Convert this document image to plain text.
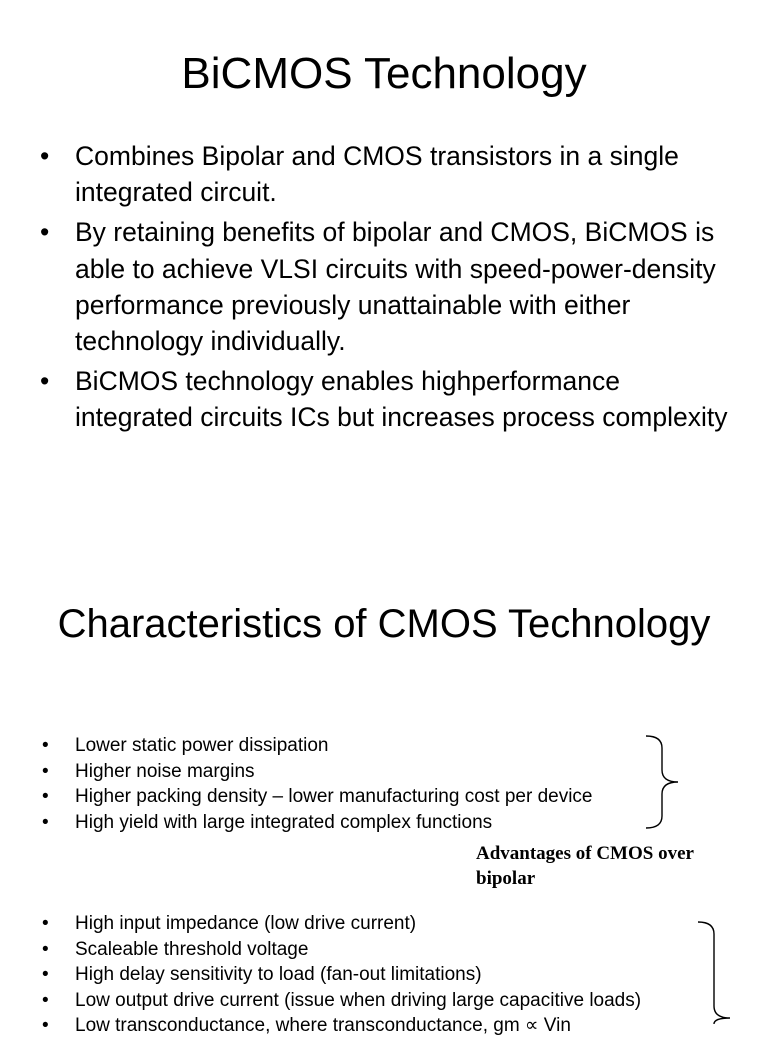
BiCMOS Technology
• Combines Bipolar and CMOS transistors in a single integrated circuit.
• By retaining benefits of bipolar and CMOS, BiCMOS is able to achieve VLSI circuits with speed-power-density performance previously unattainable with either technology individually.
• BiCMOS technology enables highperformance integrated circuits ICs but increases process complexity
Characteristics of CMOS Technology
• Lower static power dissipation
• Higher noise margins
• Higher packing density – lower manufacturing cost per device
• High yield with large integrated complex functions
Advantages of CMOS over bipolar
• High input impedance (low drive current)
• Scaleable threshold voltage
• High delay sensitivity to load (fan-out limitations)
• Low output drive current (issue when driving large capacitive loads)
• Low transconductance, where transconductance, gm ∝ Vin
